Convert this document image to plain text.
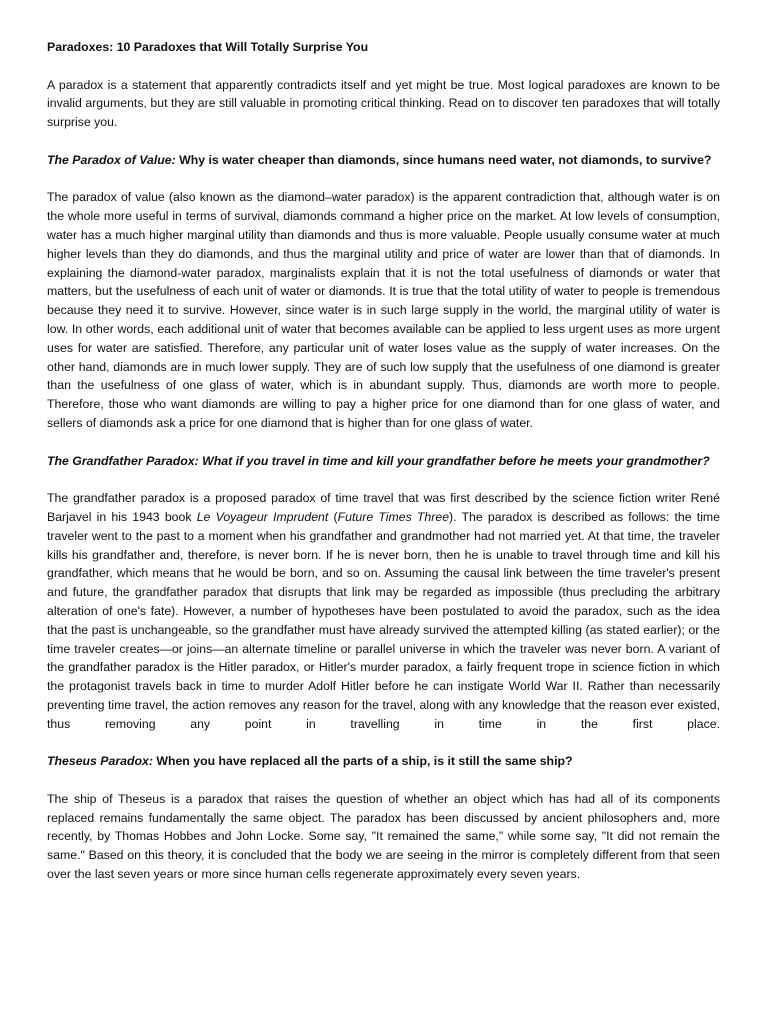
Paradoxes: 10 Paradoxes that Will Totally Surprise You

A paradox is a statement that apparently contradicts itself and yet might be true. Most logical paradoxes are known to be invalid arguments, but they are still valuable in promoting critical thinking. Read on to discover ten paradoxes that will totally surprise you.

The Paradox of Value: Why is water cheaper than diamonds, since humans need water, not diamonds, to survive?

The paradox of value (also known as the diamond–water paradox) is the apparent contradiction that, although water is on the whole more useful in terms of survival, diamonds command a higher price on the market. At low levels of consumption, water has a much higher marginal utility than diamonds and thus is more valuable. People usually consume water at much higher levels than they do diamonds, and thus the marginal utility and price of water are lower than that of diamonds. In explaining the diamond-water paradox, marginalists explain that it is not the total usefulness of diamonds or water that matters, but the usefulness of each unit of water or diamonds. It is true that the total utility of water to people is tremendous because they need it to survive. However, since water is in such large supply in the world, the marginal utility of water is low. In other words, each additional unit of water that becomes available can be applied to less urgent uses as more urgent uses for water are satisfied. Therefore, any particular unit of water loses value as the supply of water increases. On the other hand, diamonds are in much lower supply. They are of such low supply that the usefulness of one diamond is greater than the usefulness of one glass of water, which is in abundant supply. Thus, diamonds are worth more to people. Therefore, those who want diamonds are willing to pay a higher price for one diamond than for one glass of water, and sellers of diamonds ask a price for one diamond that is higher than for one glass of water.

The Grandfather Paradox: What if you travel in time and kill your grandfather before he meets your grandmother?

The grandfather paradox is a proposed paradox of time travel that was first described by the science fiction writer René Barjavel in his 1943 book Le Voyageur Imprudent (Future Times Three). The paradox is described as follows: the time traveler went to the past to a moment when his grandfather and grandmother had not married yet. At that time, the traveler kills his grandfather and, therefore, is never born. If he is never born, then he is unable to travel through time and kill his grandfather, which means that he would be born, and so on. Assuming the causal link between the time traveler's present and future, the grandfather paradox that disrupts that link may be regarded as impossible (thus precluding the arbitrary alteration of one's fate). However, a number of hypotheses have been postulated to avoid the paradox, such as the idea that the past is unchangeable, so the grandfather must have already survived the attempted killing (as stated earlier); or the time traveler creates—or joins—an alternate timeline or parallel universe in which the traveler was never born. A variant of the grandfather paradox is the Hitler paradox, or Hitler's murder paradox, a fairly frequent trope in science fiction in which the protagonist travels back in time to murder Adolf Hitler before he can instigate World War II. Rather than necessarily preventing time travel, the action removes any reason for the travel, along with any knowledge that the reason ever existed, thus removing any point in travelling in time in the first place.

Theseus Paradox: When you have replaced all the parts of a ship, is it still the same ship?

The ship of Theseus is a paradox that raises the question of whether an object which has had all of its components replaced remains fundamentally the same object. The paradox has been discussed by ancient philosophers and, more recently, by Thomas Hobbes and John Locke. Some say, "It remained the same," while some say, "It did not remain the same." Based on this theory, it is concluded that the body we are seeing in the mirror is completely different from that seen over the last seven years or more since human cells regenerate approximately every seven years.
